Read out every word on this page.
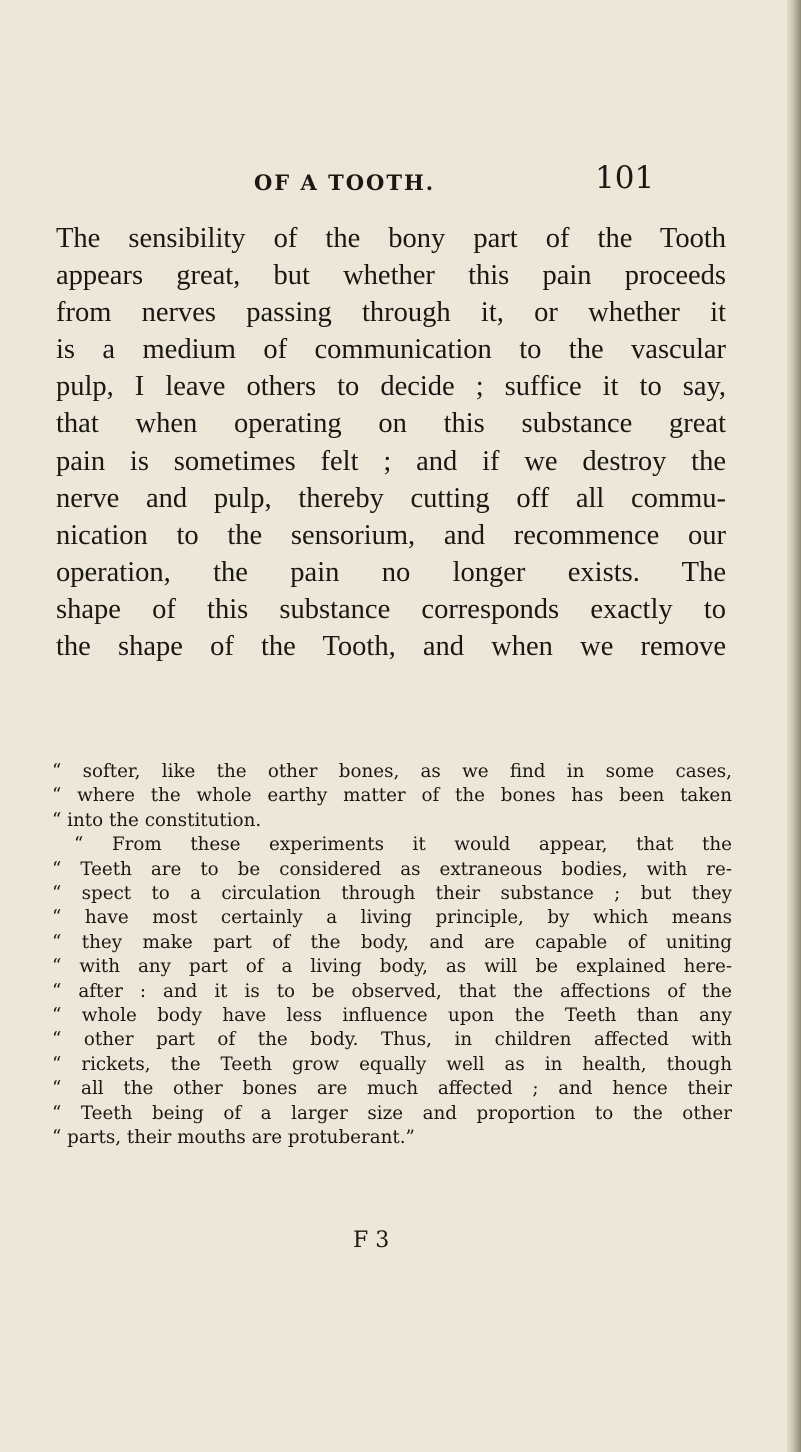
OF A TOOTH.	101
The sensibility of the bony part of the Tooth
appears great, but whether this pain proceeds
from nerves passing through it, or whether it
is a medium of communication to the vascular
pulp, I leave others to decide ; suffice it to say,
that when operating on this substance great
pain is sometimes felt ; and if we destroy the
nerve and pulp, thereby cutting off all commu-
nication to the sensorium, and recommence our
operation, the pain no longer exists. The
shape of this substance corresponds exactly to
the shape of the Tooth, and when we remove
“ softer, like the other bones, as we find in some cases,
“ where the whole earthy matter of the bones has been taken
“ into the constitution.
“ From these experiments it would appear, that the
“ Teeth are to be considered as extraneous bodies, with re-
“ spect to a circulation through their substance ; but they
“ have most certainly a living principle, by which means
“ they make part of the body, and are capable of uniting
“ with any part of a living body, as will be explained here-
“ after : and it is to be observed, that the affections of the
“ whole body have less influence upon the Teeth than any
“ other part of the body. Thus, in children affected with
“ rickets, the Teeth grow equally well as in health, though
“ all the other bones are much affected ; and hence their
“ Teeth being of a larger size and proportion to the other
“ parts, their mouths are protuberant.”
F 3
